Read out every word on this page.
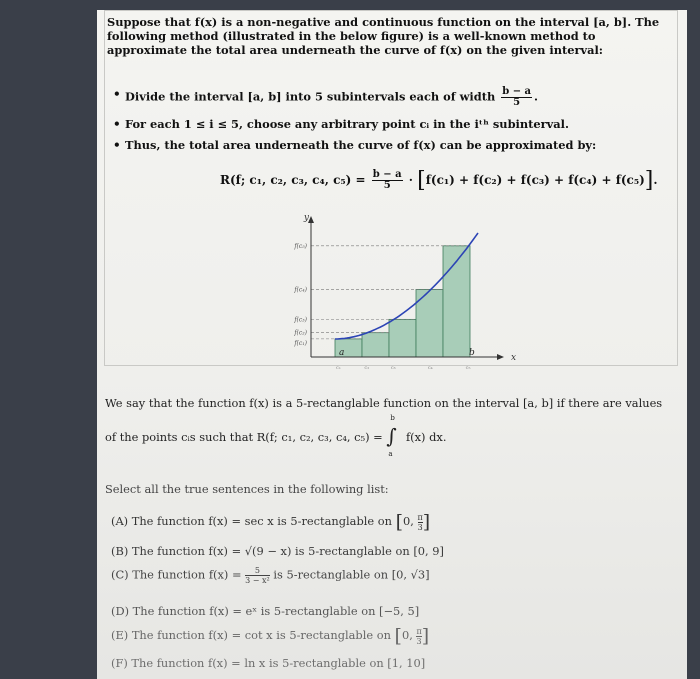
Suppose that f(x) is a non-negative and continuous function on the interval [a, b]. The following method (illustrated in the below figure) is a well-known method to approximate the total area underneath the curve of f(x) on the given interval:
• Divide the interval [a, b] into 5 subintervals each of width $\frac{b - a}{5}$ .
• For each 1 ≤ i ≤ 5, choose any arbitrary point cᵢ in the iᵗʰ subinterval.
• Thus, the total area underneath the curve of f(x) can be approximated by:
R(f; c₁, c₂, c₃, c₄, $c_5) = \frac{b - a}{5} \cdot [f(c_1) + f(c_2) + f(c_3) + f(c_4) + f(c_5)]$.
y
x
a	b
f(c₅)
f(c₄)
f(c₃)
f(c₂)
f(c₁)
c₁	c₂	c₃	c₄	c₅
We say that the function f(x) is a 5-rectanglable function on the interval [a, b] if there are values
of the points cᵢs such that R(f; c₁, c₂, c₃, c₄, c₅) =
b
∫
a
f(x) dx.
Select all the true sentences in the following list:
(A) The function f(x) = sec x is 5-rectanglable on [0, $\frac{\pi}{3}$]
(B) The function f(x) = √(9 − x) is 5-rectanglable on [0, 9]
(C) The function $f(x) = \frac{5}{\text{3 − x²}}$ is 5-rectanglable on [0, √3]
(D) The function f(x) = eˣ is 5-rectanglable on [−5, 5]
(E) The function f(x) = cot x is 5-rectanglable on [0, $\frac{\pi}{3}$]
(F) The function f(x) = ln x is 5-rectanglable on [1, 10]
